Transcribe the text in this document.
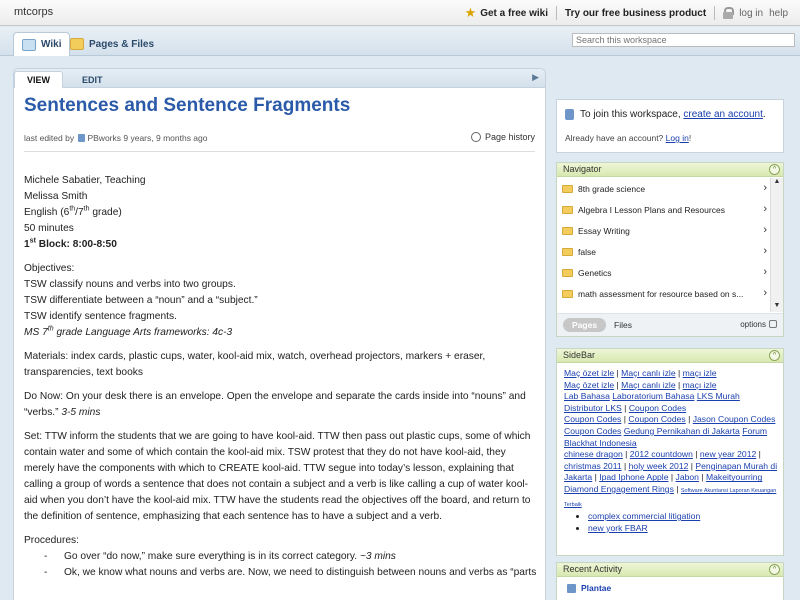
mtcorps	★ Get a free wiki Try our free business product	log in help
Wiki	Pages & Files
Search this workspace
VIEW	EDIT	▶
Sentences and Sentence Fragments
last edited by PBworks 9 years, 9 months ago	Page history

Michele Sabatier, Teaching

Melissa Smith

English (6th/7th grade)

50 minutes

1st Block: 8:00-8:50

Objectives:

TSW classify nouns and verbs into two groups.

TSW differentiate between a “noun” and a “subject.”

TSW identify sentence fragments.

MS 7th grade Language Arts frameworks: 4c-3

Materials: index cards, plastic cups, water, kool-aid mix, watch, overhead projectors, markers + eraser,

transparencies, text books

Do Now: On your desk there is an envelope. Open the envelope and separate the cards inside into “nouns” and

“verbs.” 3-5 mins

Set: TTW inform the students that we are going to have kool-aid. TTW then pass out plastic cups, some of which

contain water and some of which contain the kool-aid mix. TSW protest that they do not have kool-aid, they

merely have the components with which to CREATE kool-aid. TTW segue into today’s lesson, explaining that

calling a group of words a sentence that does not contain a subject and a verb is like calling a cup of water kool-

aid when you don’t have the kool-aid mix. TTW have the students read the objectives off the board, and return to

the definition of sentence, emphasizing that each sentence has to have a subject and a verb.

Procedures:

- Go over “do now,” make sure everything is in its correct category. ~3 mins

- Ok, we know what nouns and verbs are. Now, we need to distinguish between nouns and verbs as “parts

To join this workspace,
create an account .
Already have an account? Log in!
Navigator	^
8th grade science	›
Algebra I Lesson Plans and Resources	›
Essay Writing	›
false	›
Genetics	›
math assessment for resource based on s... ›
▲
▼
Pages	Files	options
SideBar	^
Maç özet izle | Maçı canlı izle | maçı izle
Maç özet izle | Maçı canlı izle | maçı izle
Lab Bahasa Laboratorium Bahasa LKS Murah Distributor LKS | Coupon Codes
Coupon Codes | Coupon Codes | Jason Coupon Codes
Coupon Codes Gedung Pernikahan di Jakarta Forum Blackhat Indonesia
chinese dragon | 2012 countdown | new year 2012 |
christmas 2011 | holy week 2012 | Penginapan Murah di Jakarta | Ipad Iphone Apple | Jabon | Makeityourring Diamond Engagement Rings | Software Akuntansi Laporan Keuangan Terbaik
• complex commercial litigation
• new york FBAR
Recent Activity	^
Plantae
